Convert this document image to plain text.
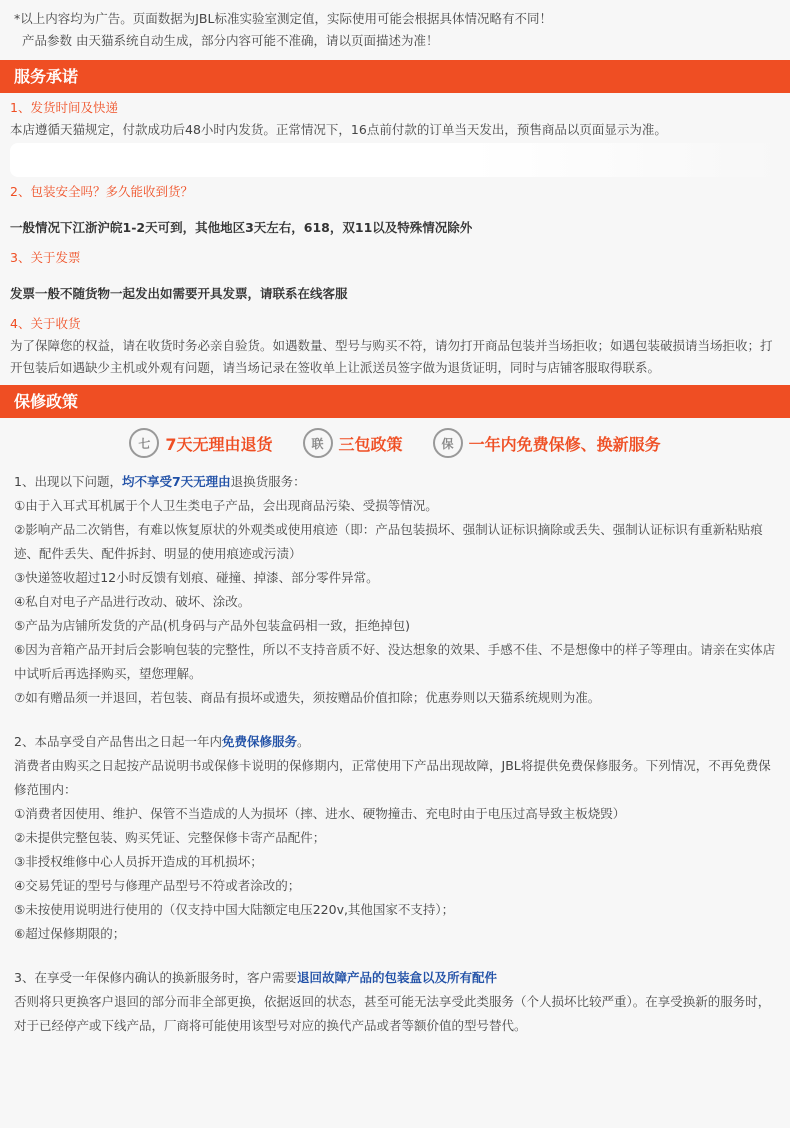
*以上内容均为广告。页面数据为JBL标准实验室测定值，实际使用可能会根据具体情况略有不同！
产品参数 由天猫系统自动生成，部分内容可能不准确，请以页面描述为准！
服务承诺
1、发货时间及快递
本店遵循天猫规定，付款成功后48小时内发货。正常情况下，16点前付款的订单当天发出，预售商品以页面显示为准。
2、包装安全吗？多久能收到货？
一般情况下江浙沪皖1-2天可到，其他地区3天左右，618，双11以及特殊情况除外
3、关于发票
发票一般不随货物一起发出如需要开具发票，请联系在线客服
4、关于收货
为了保障您的权益，请在收货时务必亲自验货。如遇数量、型号与购买不符，请勿打开商品包装并当场拒收；如遇包装破损请当场拒收；打开包装后如遇缺少主机或外观有问题，请当场记录在签收单上让派送员签字做为退货证明，同时与店铺客服取得联系。
保修政策
七 7天无理由退货	联 三包政策	保 一年内免费保修、换新服务
1、出现以下问题，均不享受7天无理由退换货服务：
①由于入耳式耳机属于个人卫生类电子产品，会出现商品污染、受损等情况。
②影响产品二次销售，有难以恢复原状的外观类或使用痕迹（即：产品包装损坏、强制认证标识摘除或丢失、强制认证标识有重新粘贴痕迹、配件丢失、配件拆封、明显的使用痕迹或污渍）
③快递签收超过12小时反馈有划痕、碰撞、掉漆、部分零件异常。
④私自对电子产品进行改动、破坏、涂改。
⑤产品为店铺所发货的产品(机身码与产品外包装盒码相一致，拒绝掉包)
⑥因为音箱产品开封后会影响包装的完整性，所以不支持音质不好、没达想象的效果、手感不佳、不是想像中的样子等理由。请亲在实体店中试听后再选择购买，望您理解。
⑦如有赠品须一并退回，若包装、商品有损坏或遗失，须按赠品价值扣除；优惠券则以天猫系统规则为准。
2、本品享受自产品售出之日起一年内免费保修服务。
消费者由购买之日起按产品说明书或保修卡说明的保修期内，正常使用下产品出现故障，JBL将提供免费保修服务。下列情况，不再免费保修范围内：
①消费者因使用、维护、保管不当造成的人为损坏（摔、进水、硬物撞击、充电时由于电压过高导致主板烧毁）
②未提供完整包装、购买凭证、完整保修卡寄产品配件；
③非授权维修中心人员拆开造成的耳机损坏；
④交易凭证的型号与修理产品型号不符或者涂改的；
⑤未按使用说明进行使用的（仅支持中国大陆额定电压220v,其他国家不支持）；
⑥超过保修期限的；
3、在享受一年保修内确认的换新服务时，客户需要退回故障产品的包装盒以及所有配件
否则将只更换客户退回的部分而非全部更换，依据返回的状态，甚至可能无法享受此类服务（个人损坏比较严重）。在享受换新的服务时，对于已经停产或下线产品，厂商将可能使用该型号对应的换代产品或者等额价值的型号替代。
